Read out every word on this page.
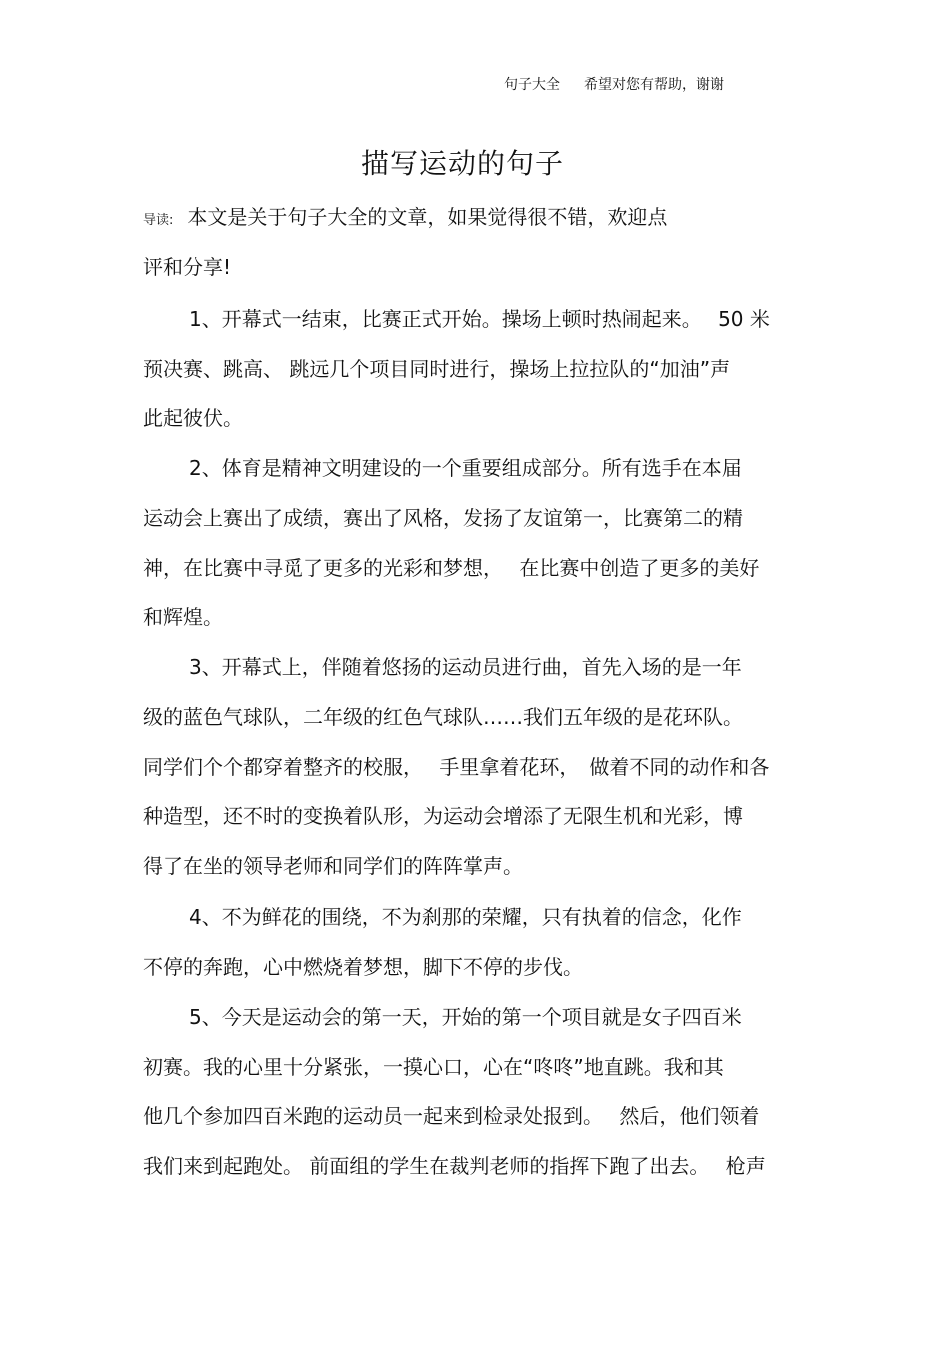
句子大全 希望对您有帮助，谢谢
描写运动的句子
导读: 本文是关于句子大全的文章，如果觉得很不错，欢迎点
评和分享!
1、开幕式一结束，比赛正式开始。操场上顿时热闹起来。　 50 米
预决赛、跳高、 跳远几个项目同时进行，操场上拉拉队的“加油”声
此起彼伏。
2、体育是精神文明建设的一个重要组成部分。所有选手在本届
运动会上赛出了成绩，赛出了风格，发扬了友谊第一，比赛第二的精
神，在比赛中寻觅了更多的光彩和梦想，　 在比赛中创造了更多的美好
和辉煌。
3、开幕式上，伴随着悠扬的运动员进行曲，首先入场的是一年
级的蓝色气球队，二年级的红色气球队……我们五年级的是花环队。
同学们个个都穿着整齐的校服，　 手里拿着花环，　做着不同的动作和各
种造型，还不时的变换着队形，为运动会增添了无限生机和光彩，博
得了在坐的领导老师和同学们的阵阵掌声。
4、不为鲜花的围绕，不为刹那的荣耀，只有执着的信念，化作
不停的奔跑，心中燃烧着梦想，脚下不停的步伐。
5、今天是运动会的第一天，开始的第一个项目就是女子四百米
初赛。我的心里十分紧张，一摸心口，心在“咚咚”地直跳。我和其
他几个参加四百米跑的运动员一起来到检录处报到。　 然后，他们领着
我们来到起跑处。 前面组的学生在裁判老师的指挥下跑了出去。　 枪声
